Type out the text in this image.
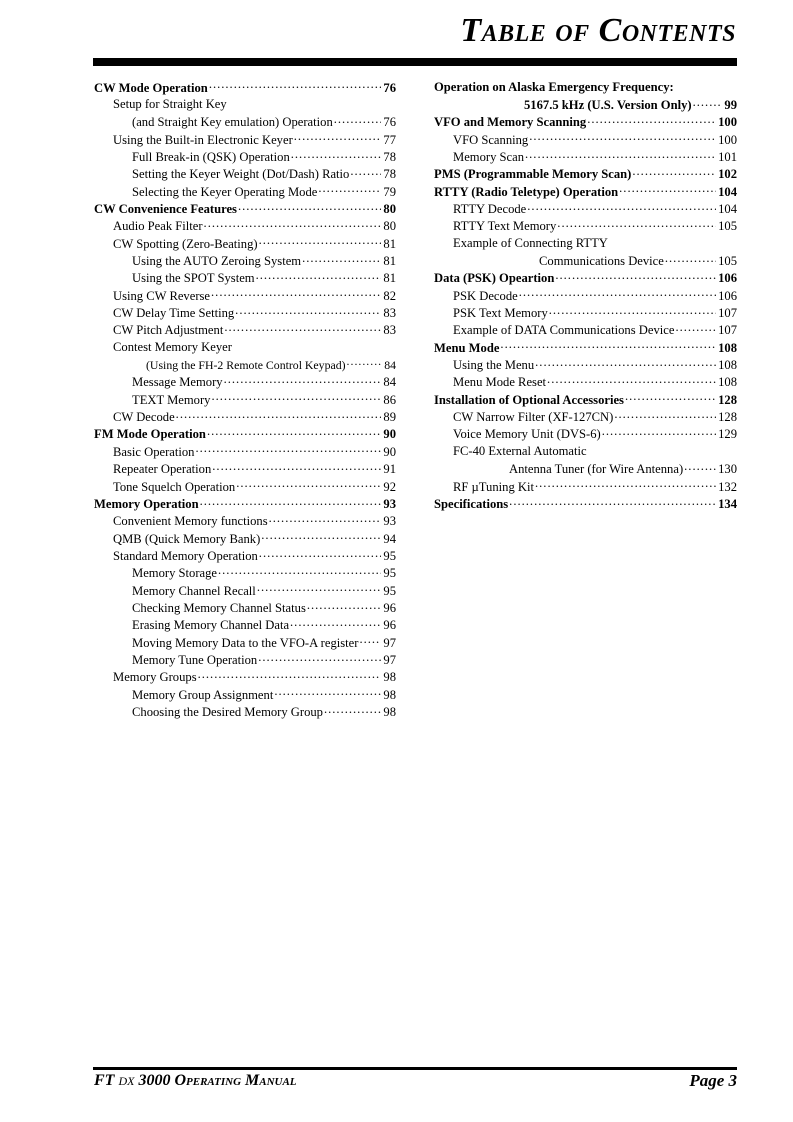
Table of Contents
CW Mode Operation .....	76
Setup for Straight Key
(and Straight Key emulation) Operation .....	76
Using the Built-in Electronic Keyer .....	77
Full Break-in (QSK) Operation .....	78
Setting the Keyer Weight (Dot/Dash) Ratio .....	78
Selecting the Keyer Operating Mode .....	79
CW Convenience Features .....	80
Audio Peak Filter .....	80
CW Spotting (Zero-Beating) .....	81
Using the AUTO Zeroing System .....	81
Using the SPOT System .....	81
Using CW Reverse .....	82
CW Delay Time Setting .....	83
CW Pitch Adjustment .....	83
Contest Memory Keyer
(Using the FH-2 Remote Control Keypad) .....	84
Message Memory .....	84
TEXT Memory .....	86
CW Decode .....	89
FM Mode Operation .....	90
Basic Operation .....	90
Repeater Operation .....	91
Tone Squelch Operation .....	92
Memory Operation .....	93
Convenient Memory functions .....	93
QMB (Quick Memory Bank) .....	94
Standard Memory Operation .....	95
Memory Storage .....	95
Memory Channel Recall .....	95
Checking Memory Channel Status .....	96
Erasing Memory Channel Data .....	96
Moving Memory Data to the VFO-A register ..... 97
Memory Tune Operation .....	97
Memory Groups .....	98
Memory Group Assignment .....	98
Choosing the Desired Memory Group .....	98
Operation on Alaska Emergency Frequency:
5167.5 kHz (U.S. Version Only) .....	99
VFO and Memory Scanning .....	100
VFO Scanning .....	100
Memory Scan .....	101
PMS (Programmable Memory Scan) .....	102
RTTY (Radio Teletype) Operation .....	104
RTTY Decode .....	104
RTTY Text Memory .....	105
Example of Connecting RTTY
Communications Device .....	105
Data (PSK) Opeartion .....	106
PSK Decode .....	106
PSK Text Memory .....	107
Example of DATA Communications Device .....	107
Menu Mode .....	108
Using the Menu .....	108
Menu Mode Reset .....	108
Installation of Optional Accessories .....	128
CW Narrow Filter (XF-127CN) .....	128
Voice Memory Unit (DVS-6) .....	129
FC-40 External Automatic
Antenna Tuner (for Wire Antenna) .....	130
RF µTuning Kit .....	132
Specifications .....	134
FT DX 3000 Operating Manual	Page 3
